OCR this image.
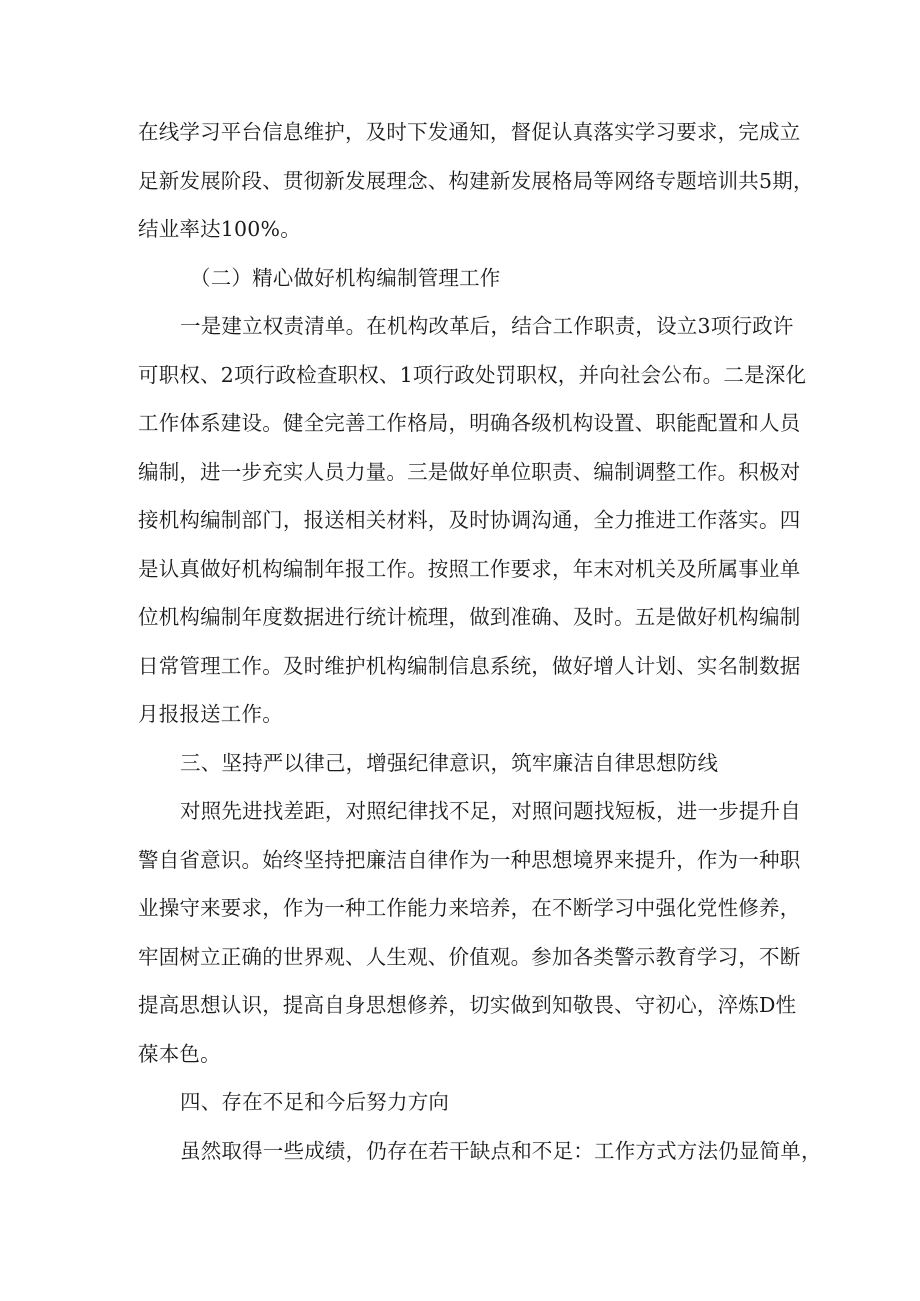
在线学习平台信息维护，及时下发通知，督促认真落实学习要求，完成立
足新发展阶段、贯彻新发展理念、构建新发展格局等网络专题培训共5期，
结业率达100%。
（二）精心做好机构编制管理工作
一是建立权责清单。在机构改革后，结合工作职责，设立3项行政许
可职权、2项行政检查职权、1项行政处罚职权，并向社会公布。二是深化
工作体系建设。健全完善工作格局，明确各级机构设置、职能配置和人员
编制，进一步充实人员力量。三是做好单位职责、编制调整工作。积极对
接机构编制部门，报送相关材料，及时协调沟通，全力推进工作落实。四
是认真做好机构编制年报工作。按照工作要求，年末对机关及所属事业单
位机构编制年度数据进行统计梳理，做到准确、及时。五是做好机构编制
日常管理工作。及时维护机构编制信息系统，做好增人计划、实名制数据
月报报送工作。
三、坚持严以律己，增强纪律意识，筑牢廉洁自律思想防线
对照先进找差距，对照纪律找不足，对照问题找短板，进一步提升自
警自省意识。始终坚持把廉洁自律作为一种思想境界来提升，作为一种职
业操守来要求，作为一种工作能力来培养，在不断学习中强化党性修养，
牢固树立正确的世界观、人生观、价值观。参加各类警示教育学习，不断
提高思想认识，提高自身思想修养，切实做到知敬畏、守初心，淬炼D性
葆本色。
四、存在不足和今后努力方向
虽然取得一些成绩，仍存在若干缺点和不足：工作方式方法仍显简单，
